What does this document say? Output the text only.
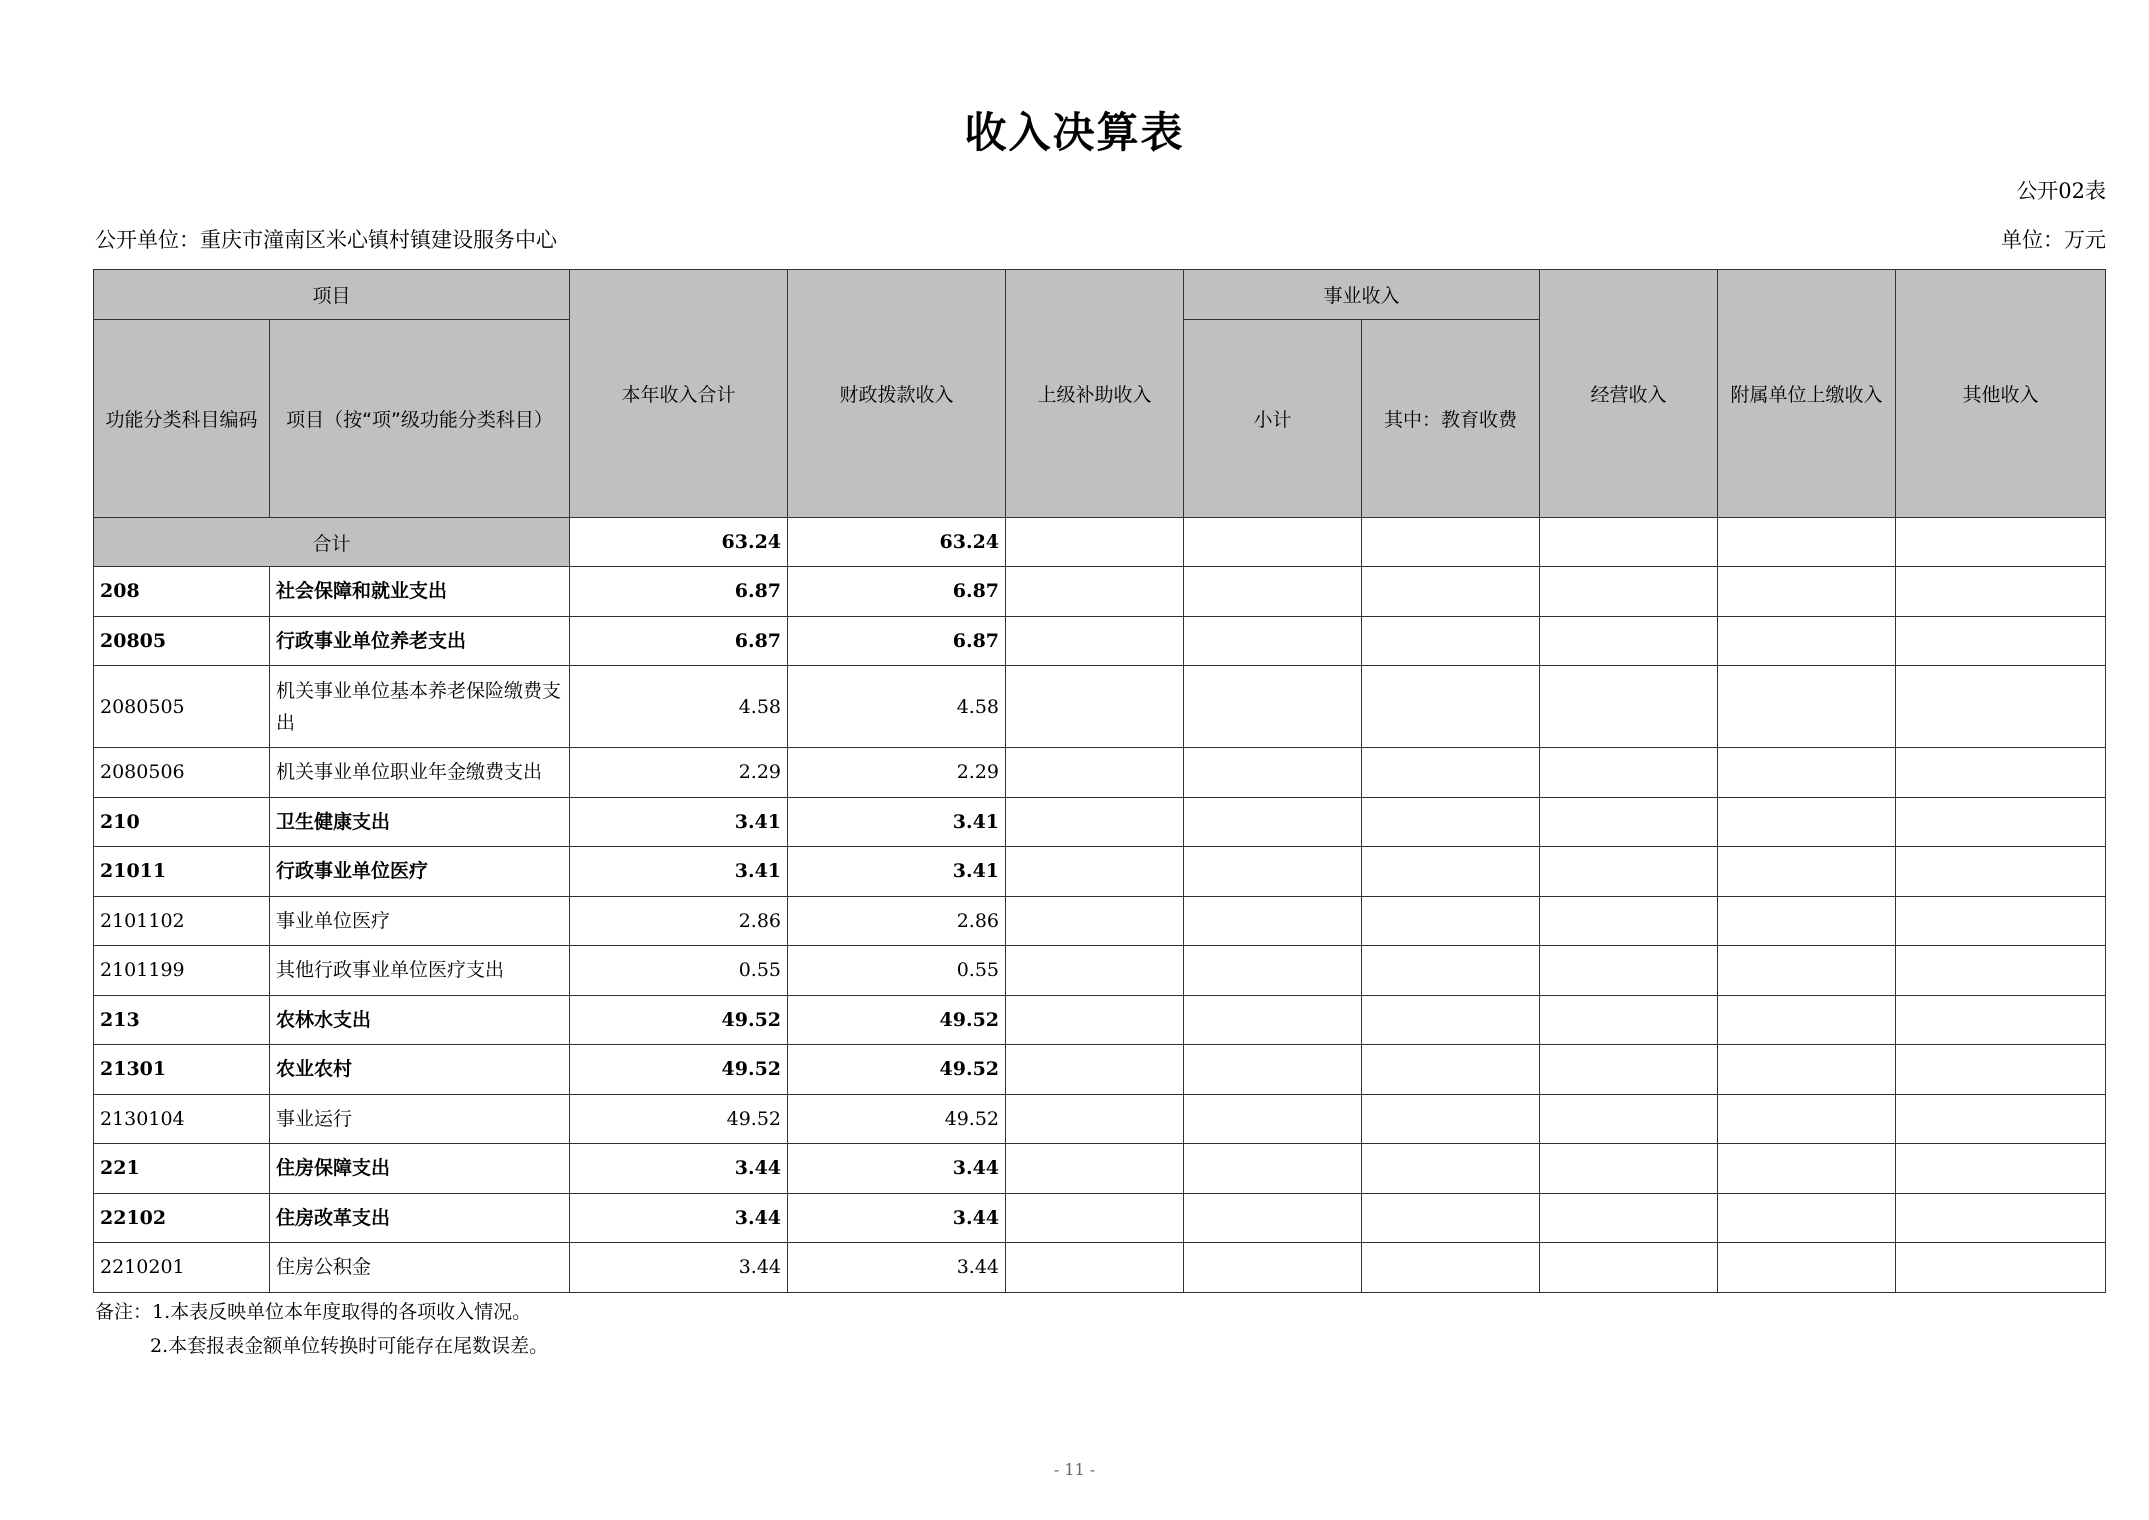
收入决算表
公开02表
公开单位：重庆市潼南区米心镇村镇建设服务中心	单位：万元
项目		本年收入合计	财政拨款收入	上级补助收入	事业收入		经营收入	附属单位上缴收入	其他收入
功能分类科目编码	项目（按“项”级功能分类科目）				小计	其中：教育收费			
合计		63.24	63.24						
208	社会保障和就业支出	6.87	6.87						
20805	行政事业单位养老支出	6.87	6.87						
2080505	机关事业单位基本养老保险缴费支出	4.58	4.58						
2080506	机关事业单位职业年金缴费支出	2.29	2.29						
210	卫生健康支出	3.41	3.41						
21011	行政事业单位医疗	3.41	3.41						
2101102	事业单位医疗	2.86	2.86						
2101199	其他行政事业单位医疗支出	0.55	0.55						
213	农林水支出	49.52	49.52						
21301	农业农村	49.52	49.52						
2130104	事业运行	49.52	49.52						
221	住房保障支出	3.44	3.44						
22102	住房改革支出	3.44	3.44						
2210201	住房公积金	3.44	3.44						
备注：1.本表反映单位本年度取得的各项收入情况。
2.本套报表金额单位转换时可能存在尾数误差。
- 11 -
